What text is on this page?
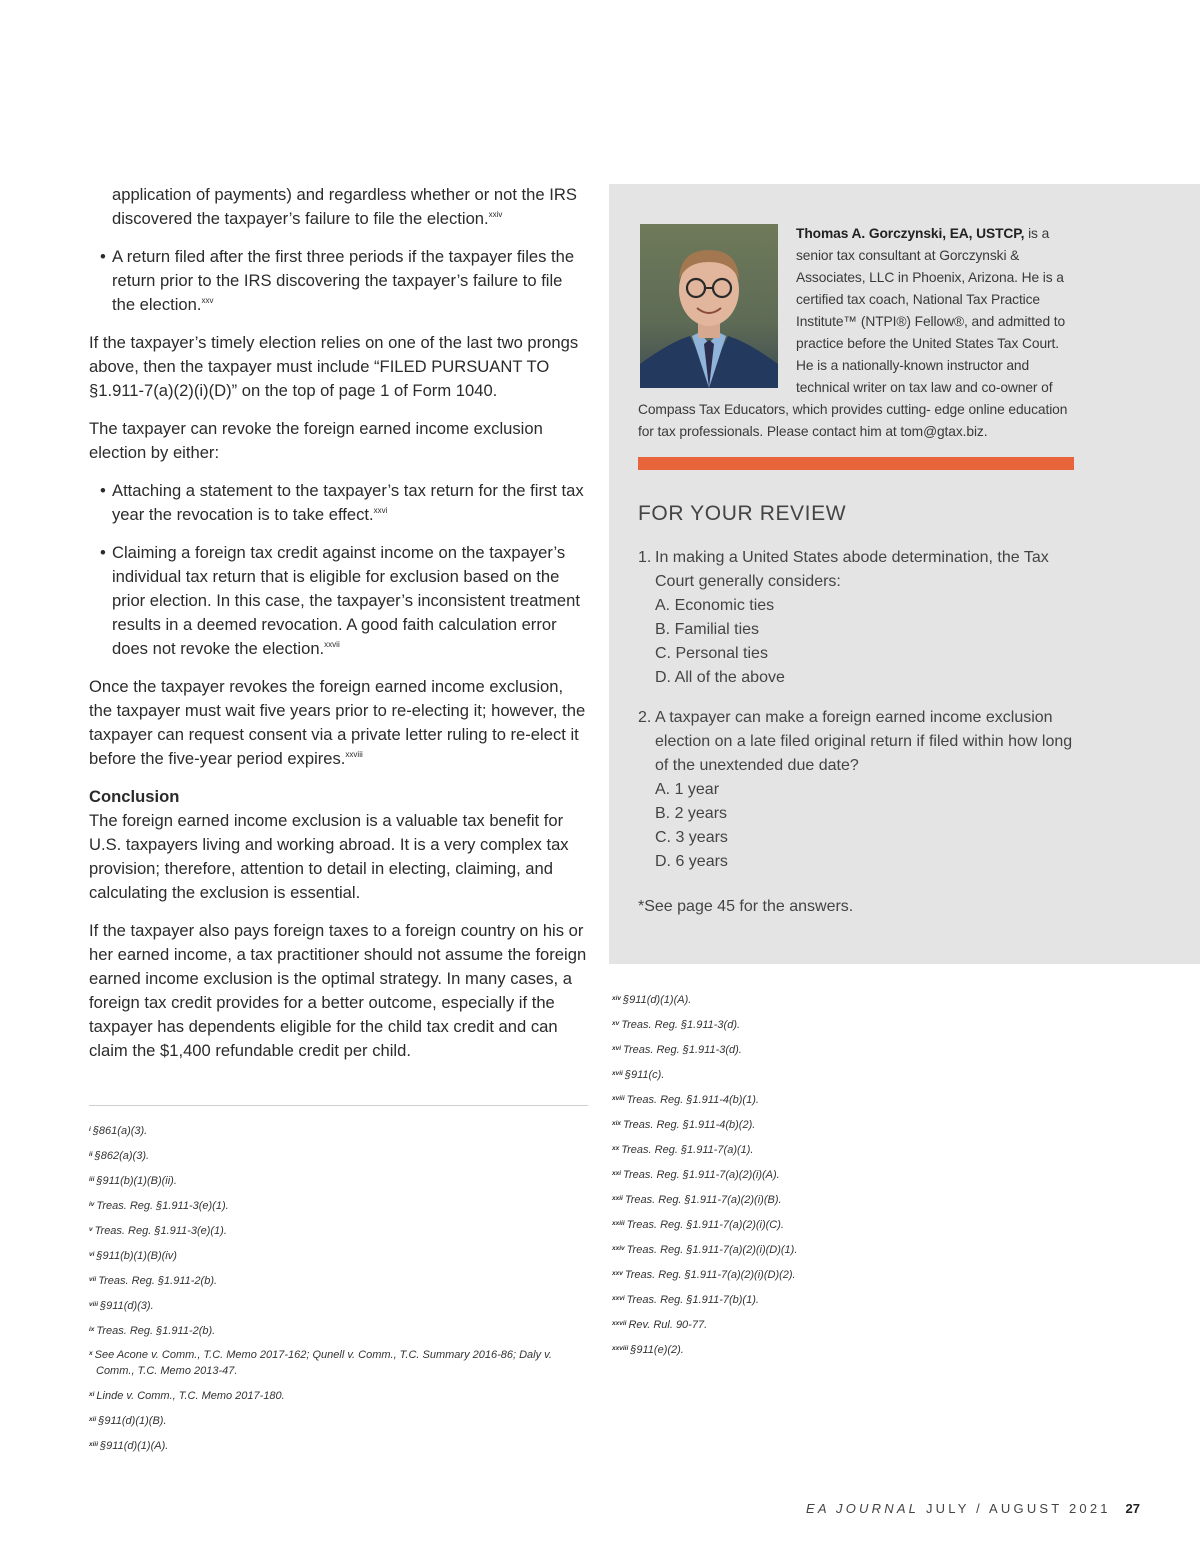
application of payments) and regardless whether or not the IRS discovered the taxpayer’s failure to file the election.$^{xxiv}$

• A return filed after the first three periods if the taxpayer files the return prior to the IRS discovering the taxpayer’s failure to file the election.$^{xxv}$

If the taxpayer’s timely election relies on one of the last two prongs above, then the taxpayer must include “FILED PURSUANT TO §1.911-7(a)(2)(i)(D)” on the top of page 1 of Form 1040.

The taxpayer can revoke the foreign earned income exclusion election by either:

• Attaching a statement to the taxpayer’s tax return for the first tax year the revocation is to take effect.$^{xxvi}$
• Claiming a foreign tax credit against income on the taxpayer’s individual tax return that is eligible for exclusion based on the prior election. In this case, the taxpayer’s inconsistent treatment results in a deemed revocation. A good faith calculation error does not revoke the election.$^{xxvii}$

Once the taxpayer revokes the foreign earned income exclusion, the taxpayer must wait five years prior to re-electing it; however, the taxpayer can request consent via a private letter ruling to re-elect it before the five-year period expires.$^{xxviii}$

Conclusion

The foreign earned income exclusion is a valuable tax benefit for U.S. taxpayers living and working abroad. It is a very complex tax provision; therefore, attention to detail in electing, claiming, and calculating the exclusion is essential.

If the taxpayer also pays foreign taxes to a foreign country on his or her earned income, a tax practitioner should not assume the foreign earned income exclusion is the optimal strategy. In many cases, a foreign tax credit provides for a better outcome, especially if the taxpayer has dependents eligible for the child tax credit and can claim the $1,400 refundable credit per child.

$^i$ §861(a)(3).
$^{ii}$ §862(a)(3).
$^{iii}$ §911(b)(1)(B)(ii).
$^{iv}$ Treas. Reg. §1.911-3(e)(1).
$^v$ Treas. Reg. §1.911-3(e)(1).
$^{vi}$ §911(b)(1)(B)(iv)
$^{vii}$ Treas. Reg. §1.911-2(b).
$^{viii}$ §911(d)(3).
$^{ix}$ Treas. Reg. §1.911-2(b).
$^x$ See Acone v. Comm., T.C. Memo 2017-162; Qunell v. Comm., T.C. Summary 2016-86; Daly v.
Comm., T.C. Memo 2013-47.
$^{xi}$ Linde v. Comm., T.C. Memo 2017-180.
$^{xii}$ §911(d)(1)(B).
$^{xiii}$ §911(d)(1)(A).
Thomas A. Gorczynski, EA, USTCP, is a senior tax consultant at Gorczynski & Associates, LLC in Phoenix, Arizona. He is a certified tax coach, National Tax Practice Institute™ (NTPI®) Fellow®, and admitted to practice before the United States Tax Court. He is a nationally-known instructor and technical writer on tax law and co-owner of Compass Tax Educators, which provides cutting- edge online education for tax professionals. Please contact him at tom@gtax.biz.
FOR YOUR REVIEW
1. In making a United States abode determination, the Tax Court generally considers:
A. Economic ties
B. Familial ties
C. Personal ties
D. All of the above
2. A taxpayer can make a foreign earned income exclusion election on a late filed original return if filed within how long of the unextended due date?
A. 1 year
B. 2 years
C. 3 years
D. 6 years
*See page 45 for the answers.
$^{xiv}$ §911(d)(1)(A).
$^{xv}$ Treas. Reg. §1.911-3(d).
$^{xvi}$ Treas. Reg. §1.911-3(d).
$^{xvii}$ §911(c).
$^{xviii}$ Treas. Reg. §1.911-4(b)(1).
$^{xix}$ Treas. Reg. §1.911-4(b)(2).
$^{xx}$ Treas. Reg. §1.911-7(a)(1).
$^{xxi}$ Treas. Reg. §1.911-7(a)(2)(i)(A).
$^{xxii}$ Treas. Reg. §1.911-7(a)(2)(i)(B).
$^{xxiii}$ Treas. Reg. §1.911-7(a)(2)(i)(C).
$^{xxiv}$ Treas. Reg. §1.911-7(a)(2)(i)(D)(1).
$^{xxv}$ Treas. Reg. §1.911-7(a)(2)(i)(D)(2).
$^{xxvi}$ Treas. Reg. §1.911-7(b)(1).
$^{xxvii}$ Rev. Rul. 90-77.
$^{xxviii}$ §911(e)(2).
EA JOURNAL JULY / AUGUST 2021 27
